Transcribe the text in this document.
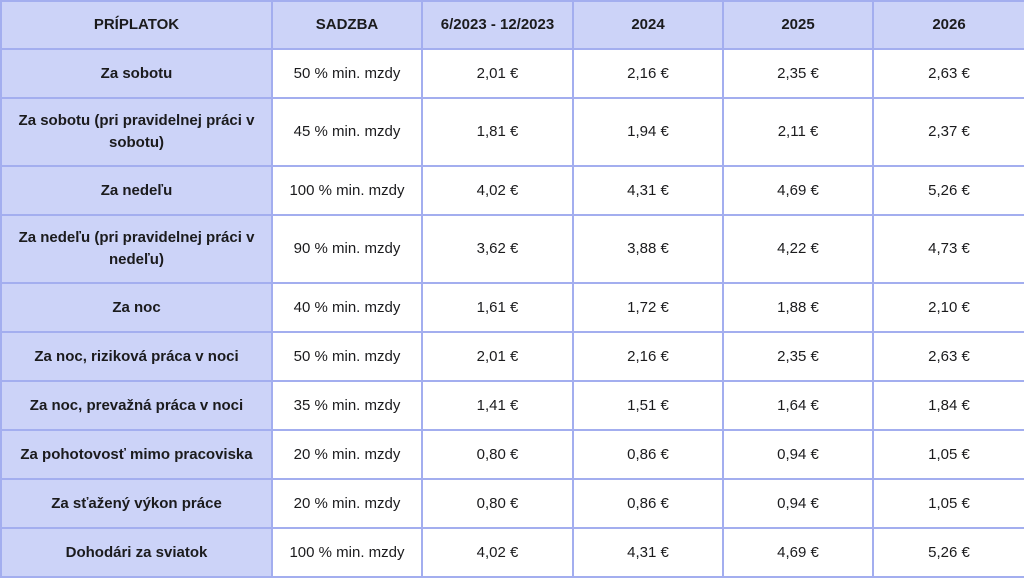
PRÍPLATOK	SADZBA	6/2023 - 12/2023	2024	2025	2026
Za sobotu	50 % min. mzdy	2,01 €	2,16 €	2,35 €	2,63 €
Za sobotu (pri pravidelnej práci v sobotu)	45 % min. mzdy	1,81 €	1,94 €	2,11 €	2,37 €
Za nedeľu	100 % min. mzdy	4,02 €	4,31 €	4,69 €	5,26 €
Za nedeľu (pri pravidelnej práci v nedeľu)	90 % min. mzdy	3,62 €	3,88 €	4,22 €	4,73 €
Za noc	40 % min. mzdy	1,61 €	1,72 €	1,88 €	2,10 €
Za noc, riziková práca v noci	50 % min. mzdy	2,01 €	2,16 €	2,35 €	2,63 €
Za noc, prevažná práca v noci	35 % min. mzdy	1,41 €	1,51 €	1,64 €	1,84 €
Za pohotovosť mimo pracoviska	20 % min. mzdy	0,80 €	0,86 €	0,94 €	1,05 €
Za sťažený výkon práce	20 % min. mzdy	0,80 €	0,86 €	0,94 €	1,05 €
Dohodári za sviatok	100 % min. mzdy	4,02 €	4,31 €	4,69 €	5,26 €
